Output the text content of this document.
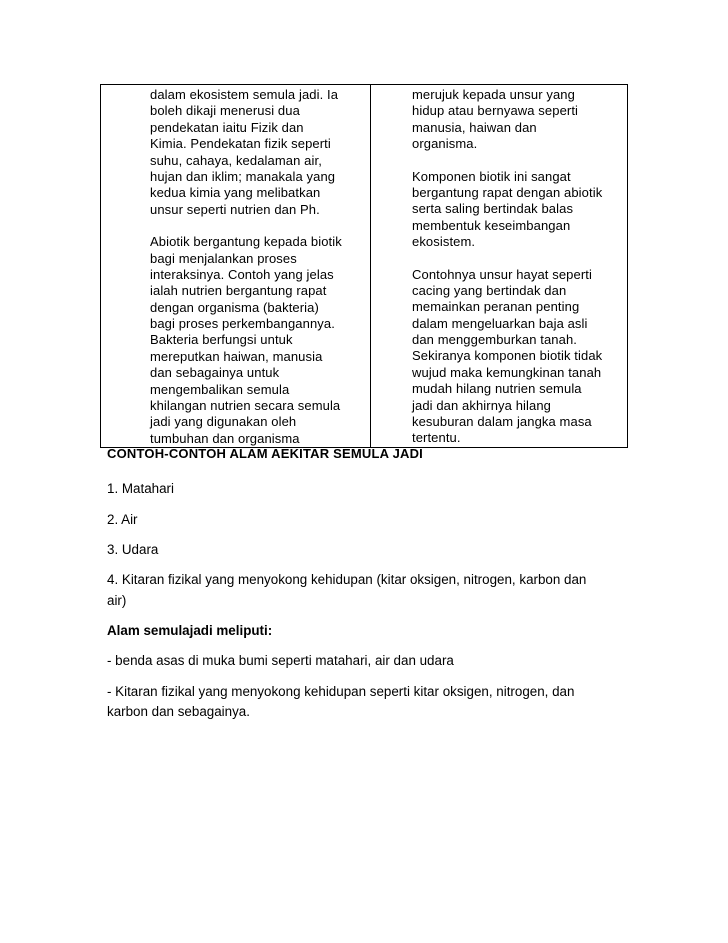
dalam ekosistem semula jadi. Ia
boleh dikaji menerusi dua
pendekatan iaitu Fizik dan
Kimia. Pendekatan fizik seperti
suhu, cahaya, kedalaman air,
hujan dan iklim; manakala yang
kedua kimia yang melibatkan
unsur seperti nutrien dan Ph.
Abiotik bergantung kepada biotik
bagi menjalankan proses
interaksinya. Contoh yang jelas
ialah nutrien bergantung rapat
dengan organisma (bakteria)
bagi proses perkembangannya.
Bakteria berfungsi untuk
mereputkan haiwan, manusia
dan sebagainya untuk
mengembalikan semula
khilangan nutrien secara semula
jadi yang digunakan oleh
tumbuhan dan organisma
merujuk kepada unsur yang
hidup atau bernyawa seperti
manusia, haiwan dan
organisma.
Komponen biotik ini sangat
bergantung rapat dengan abiotik
serta saling bertindak balas
membentuk keseimbangan
ekosistem.
Contohnya unsur hayat seperti
cacing yang bertindak dan
memainkan peranan penting
dalam mengeluarkan baja asli
dan menggemburkan tanah.
Sekiranya komponen biotik tidak
wujud maka kemungkinan tanah
mudah hilang nutrien semula
jadi dan akhirnya hilang
kesuburan dalam jangka masa
tertentu.
CONTOH-CONTOH ALAM AEKITAR SEMULA JADI
1. Matahari
2. Air
3. Udara
4. Kitaran fizikal yang menyokong kehidupan (kitar oksigen, nitrogen, karbon dan
air)
Alam semulajadi meliputi:
- benda asas di muka bumi seperti matahari, air dan udara
- Kitaran fizikal yang menyokong kehidupan seperti kitar oksigen, nitrogen, dan
karbon dan sebagainya.
